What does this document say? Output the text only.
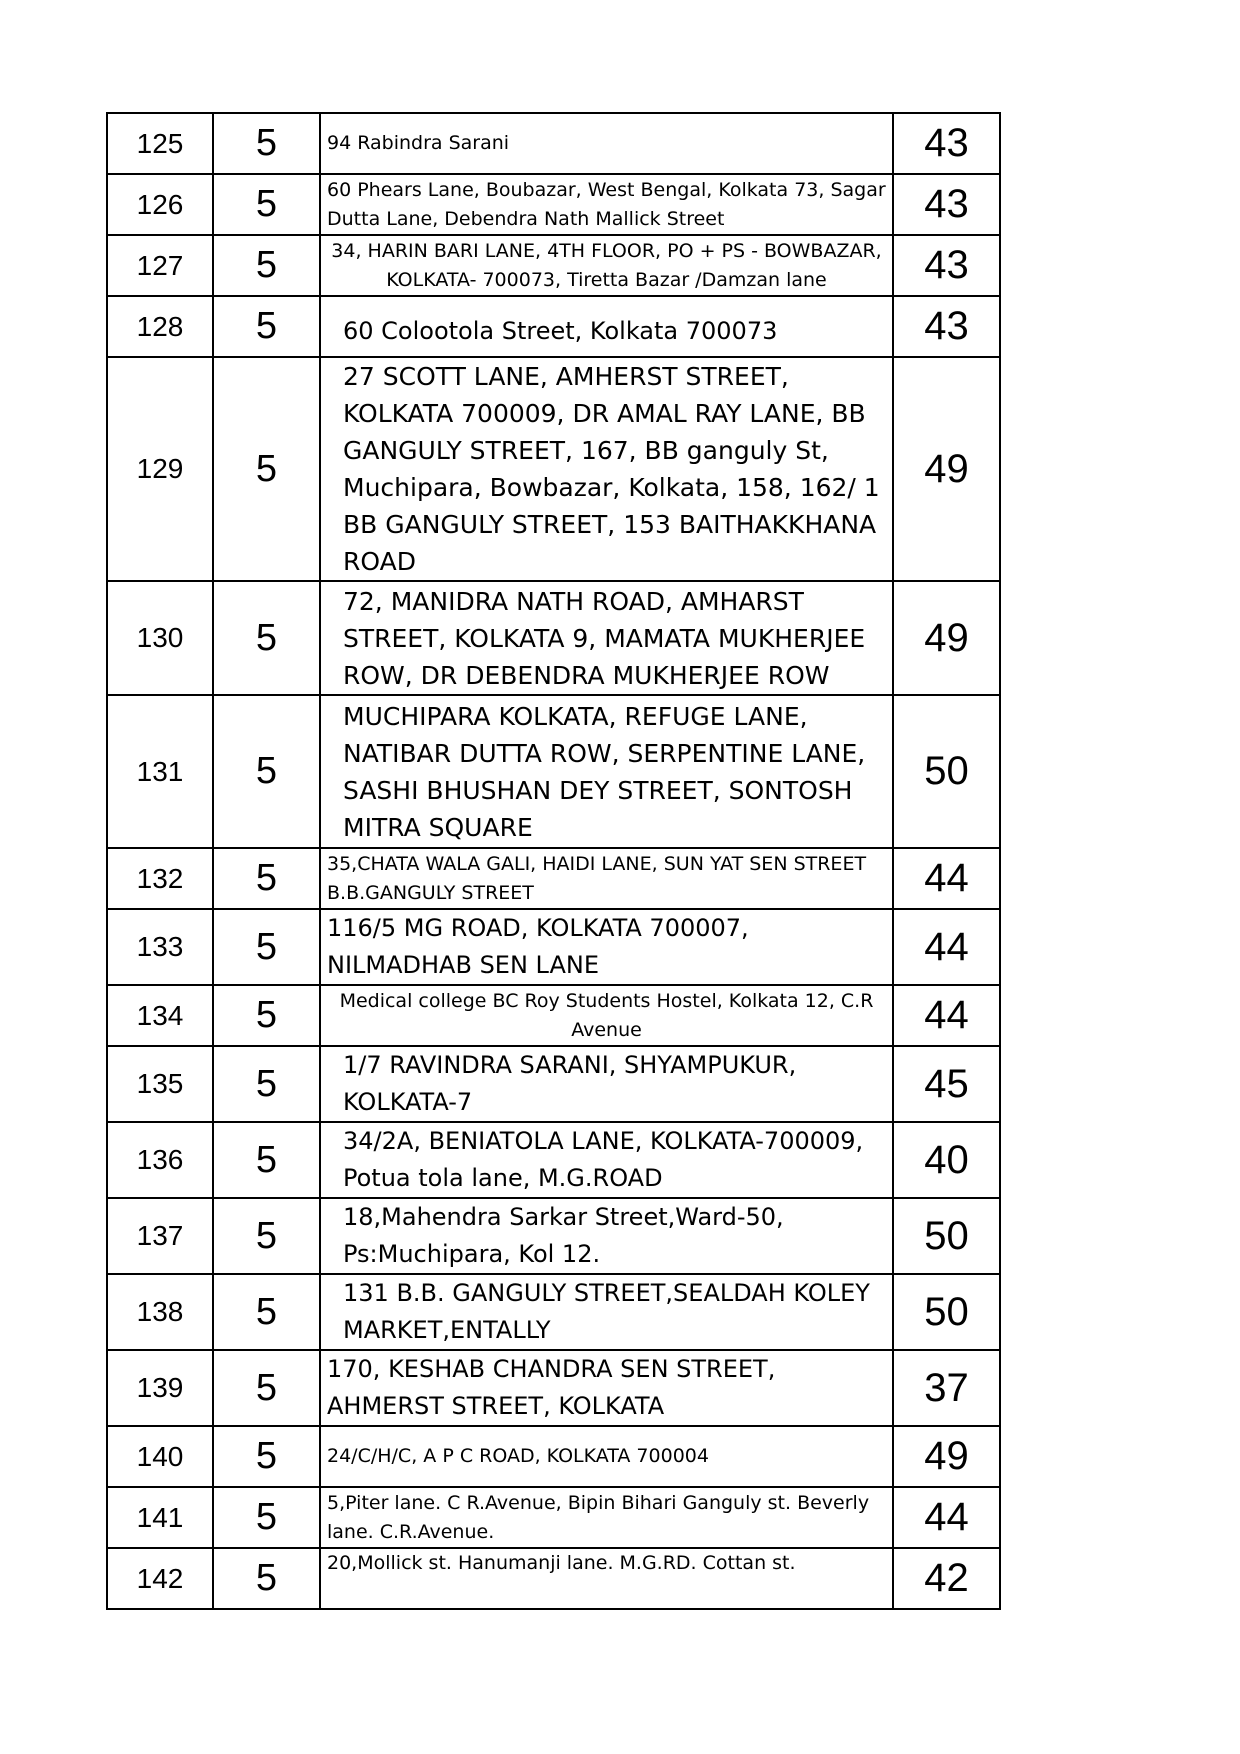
125	5	94 Rabindra Sarani	43
126	5	60 Phears Lane, Boubazar, West Bengal, Kolkata 73, Sagar Dutta Lane, Debendra Nath Mallick Street	43
127	5	34, HARIN BARI LANE, 4TH FLOOR, PO + PS - BOWBAZAR, KOLKATA- 700073, Tiretta Bazar /Damzan lane	43
128	5	60 Colootola Street, Kolkata 700073	43
129	5	27 SCOTT LANE, AMHERST STREET, KOLKATA 700009, DR AMAL RAY LANE, BB GANGULY STREET, 167, BB ganguly St, Muchipara, Bowbazar, Kolkata, 158, 162/ 1 BB GANGULY STREET, 153 BAITHAKKHANA ROAD	49
130	5	72, MANIDRA NATH ROAD, AMHARST STREET, KOLKATA 9, MAMATA MUKHERJEE ROW, DR DEBENDRA MUKHERJEE ROW	49
131	5	MUCHIPARA KOLKATA, REFUGE LANE, NATIBAR DUTTA ROW, SERPENTINE LANE, SASHI BHUSHAN DEY STREET, SONTOSH MITRA SQUARE	50
132	5	35,CHATA WALA GALI, HAIDI LANE, SUN YAT SEN STREET B.B.GANGULY STREET	44
133	5	116/5 MG ROAD, KOLKATA 700007, NILMADHAB SEN LANE	44
134	5	Medical college BC Roy Students Hostel, Kolkata 12, C.R Avenue	44
135	5	1/7 RAVINDRA SARANI, SHYAMPUKUR, KOLKATA-7	45
136	5	34/2A, BENIATOLA LANE, KOLKATA-700009, Potua tola lane, M.G.ROAD	40
137	5	18,Mahendra Sarkar Street,Ward-50, Ps:Muchipara, Kol 12.	50
138	5	131 B.B. GANGULY STREET,SEALDAH KOLEY MARKET,ENTALLY	50
139	5	170, KESHAB CHANDRA SEN STREET, AHMERST STREET, KOLKATA	37
140	5	24/C/H/C, A P C ROAD, KOLKATA 700004	49
141	5	5,Piter lane. C R.Avenue, Bipin Bihari Ganguly st. Beverly lane. C.R.Avenue.	44
142	5	20,Mollick st. Hanumanji lane. M.G.RD. Cottan st.	42
